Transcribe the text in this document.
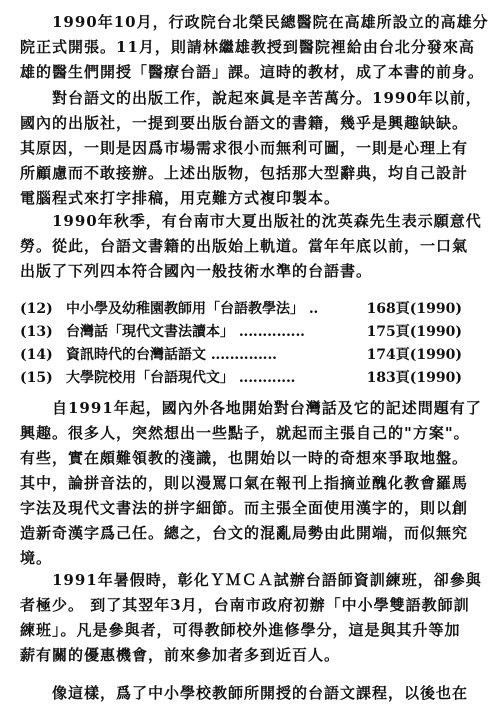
　　1990年10月，行政院台北榮民總醫院在高雄所設立的高雄分
院正式開張。11月，則請林繼雄教授到醫院裡給由台北分發來高
雄的醫生們開授「醫療台語」課。這時的教材，成了本書的前身。

　　對台語文的出版工作，說起來眞是辛苦萬分。1990年以前，
國內的出版社，一提到要出版台語文的書籍，幾乎是興趣缺缺。
其原因，一則是因爲市場需求很小而無利可圖，一則是心理上有
所顧慮而不敢接辦。上述出版物，包括那大型辭典，均自己設計
電腦程式來打字排稿，用克難方式複印製本。

　　1990年秋季，有台南市大夏出版社的沈英森先生表示願意代
勞。從此，台語文書籍的出版始上軌道。當年年底以前，一口氣
出版了下列四本符合國內一般技術水準的台語書。

(12) 中小學及幼稚園教師用「台語教學法」 ‥	168頁(1990)
(13) 台灣話「現代文書法讀本」 ‥‥‥‥‥‥‥	175頁(1990)
(14) 資訊時代的台灣話語文 ‥‥‥‥‥‥‥	174頁(1990)
(15) 大學院校用「台語現代文」 ‥‥‥‥‥‥	183頁(1990)

　　自1991年起，國內外各地開始對台灣話及它的記述問題有了
興趣。很多人，突然想出一些點子，就起而主張自己的"方案"。
有些，實在頗難領教的淺識，也開始以一時的奇想來爭取地盤。
其中，論拼音法的，則以漫罵口氣在報刊上指摘並醜化教會羅馬
字法及現代文書法的拼字細節。而主張全面使用漢字的，則以創
造新奇漢字爲己任。總之，台文的混亂局勢由此開端，而似無究
境。

　　1991年暑假時，彰化ＹＭＣＡ試辦台語師資訓練班，卻參與
者極少。 到了其翌年3月，台南市政府初辦「中小學雙語教師訓
練班」。凡是參與者，可得教師校外進修學分，這是與其升等加
薪有關的優惠機會，前來參加者多到近百人。

　　像這樣，爲了中小學校教師所開授的台語文課程，以後也在
